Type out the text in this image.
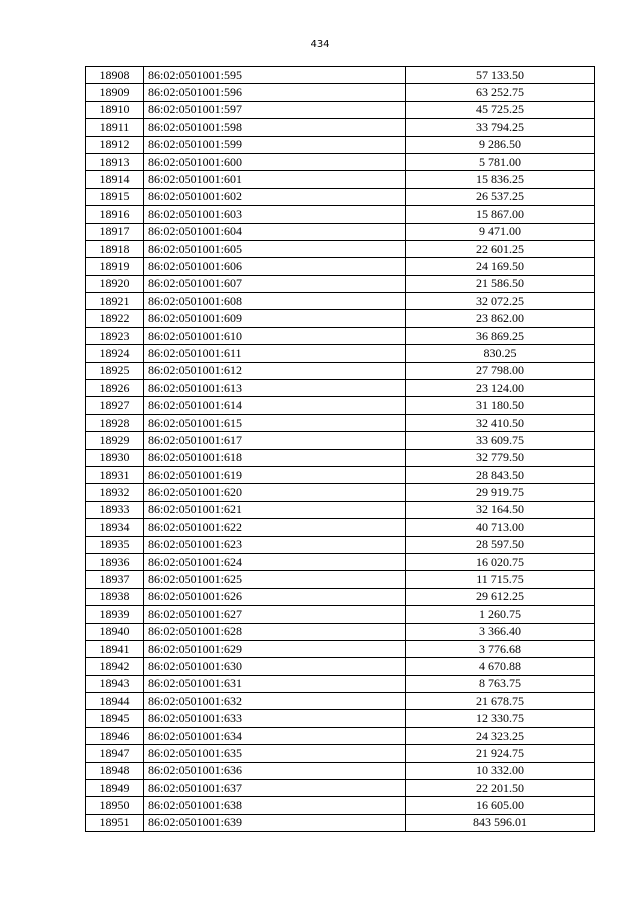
434
18908	86:02:0501001:595	57 133.50
18909	86:02:0501001:596	63 252.75
18910	86:02:0501001:597	45 725.25
18911	86:02:0501001:598	33 794.25
18912	86:02:0501001:599	9 286.50
18913	86:02:0501001:600	5 781.00
18914	86:02:0501001:601	15 836.25
18915	86:02:0501001:602	26 537.25
18916	86:02:0501001:603	15 867.00
18917	86:02:0501001:604	9 471.00
18918	86:02:0501001:605	22 601.25
18919	86:02:0501001:606	24 169.50
18920	86:02:0501001:607	21 586.50
18921	86:02:0501001:608	32 072.25
18922	86:02:0501001:609	23 862.00
18923	86:02:0501001:610	36 869.25
18924	86:02:0501001:611	830.25
18925	86:02:0501001:612	27 798.00
18926	86:02:0501001:613	23 124.00
18927	86:02:0501001:614	31 180.50
18928	86:02:0501001:615	32 410.50
18929	86:02:0501001:617	33 609.75
18930	86:02:0501001:618	32 779.50
18931	86:02:0501001:619	28 843.50
18932	86:02:0501001:620	29 919.75
18933	86:02:0501001:621	32 164.50
18934	86:02:0501001:622	40 713.00
18935	86:02:0501001:623	28 597.50
18936	86:02:0501001:624	16 020.75
18937	86:02:0501001:625	11 715.75
18938	86:02:0501001:626	29 612.25
18939	86:02:0501001:627	1 260.75
18940	86:02:0501001:628	3 366.40
18941	86:02:0501001:629	3 776.68
18942	86:02:0501001:630	4 670.88
18943	86:02:0501001:631	8 763.75
18944	86:02:0501001:632	21 678.75
18945	86:02:0501001:633	12 330.75
18946	86:02:0501001:634	24 323.25
18947	86:02:0501001:635	21 924.75
18948	86:02:0501001:636	10 332.00
18949	86:02:0501001:637	22 201.50
18950	86:02:0501001:638	16 605.00
18951	86:02:0501001:639	843 596.01
